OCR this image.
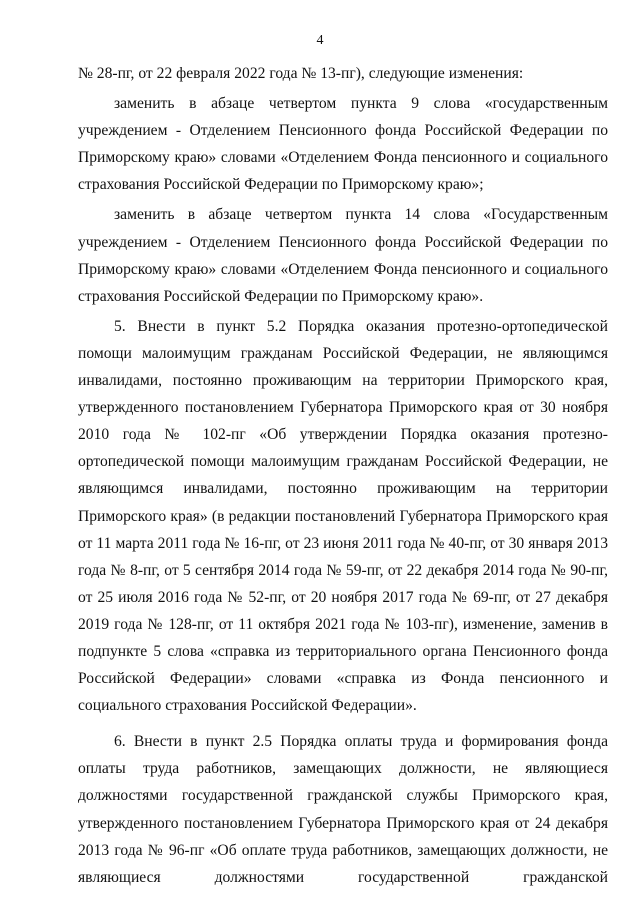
4

№ 28-пг, от 22 февраля 2022 года № 13-пг), следующие изменения:

заменить в абзаце четвертом пункта 9 слова «государственным учреждением - Отделением Пенсионного фонда Российской Федерации по Приморскому краю» словами «Отделением Фонда пенсионного и социального страхования Российской Федерации по Приморскому краю»;

заменить в абзаце четвертом пункта 14 слова «Государственным учреждением - Отделением Пенсионного фонда Российской Федерации по Приморскому краю» словами «Отделением Фонда пенсионного и социального страхования Российской Федерации по Приморскому краю».

5. Внести в пункт 5.2 Порядка оказания протезно-ортопедической помощи малоимущим гражданам Российской Федерации, не являющимся инвалидами, постоянно проживающим на территории Приморского края, утвержденного постановлением Губернатора Приморского края от 30 ноября 2010 года № 102-пг «Об утверждении Порядка оказания протезно-ортопедической помощи малоимущим гражданам Российской Федерации, не являющимся инвалидами, постоянно проживающим на территории Приморского края» (в редакции постановлений Губернатора Приморского края от 11 марта 2011 года № 16-пг, от 23 июня 2011 года № 40-пг, от 30 января 2013 года № 8-пг, от 5 сентября 2014 года № 59-пг, от 22 декабря 2014 года № 90-пг, от 25 июля 2016 года № 52-пг, от 20 ноября 2017 года № 69-пг, от 27 декабря 2019 года № 128-пг, от 11 октября 2021 года № 103-пг), изменение, заменив в подпункте 5 слова «справка из территориального органа Пенсионного фонда Российской Федерации» словами «справка из Фонда пенсионного и социального страхования Российской Федерации».

6. Внести в пункт 2.5 Порядка оплаты труда и формирования фонда оплаты труда работников, замещающих должности, не являющиеся должностями государственной гражданской службы Приморского края, утвержденного постановлением Губернатора Приморского края от 24 декабря 2013 года № 96-пг «Об оплате труда работников, замещающих должности, не являющиеся должностями государственной гражданской
